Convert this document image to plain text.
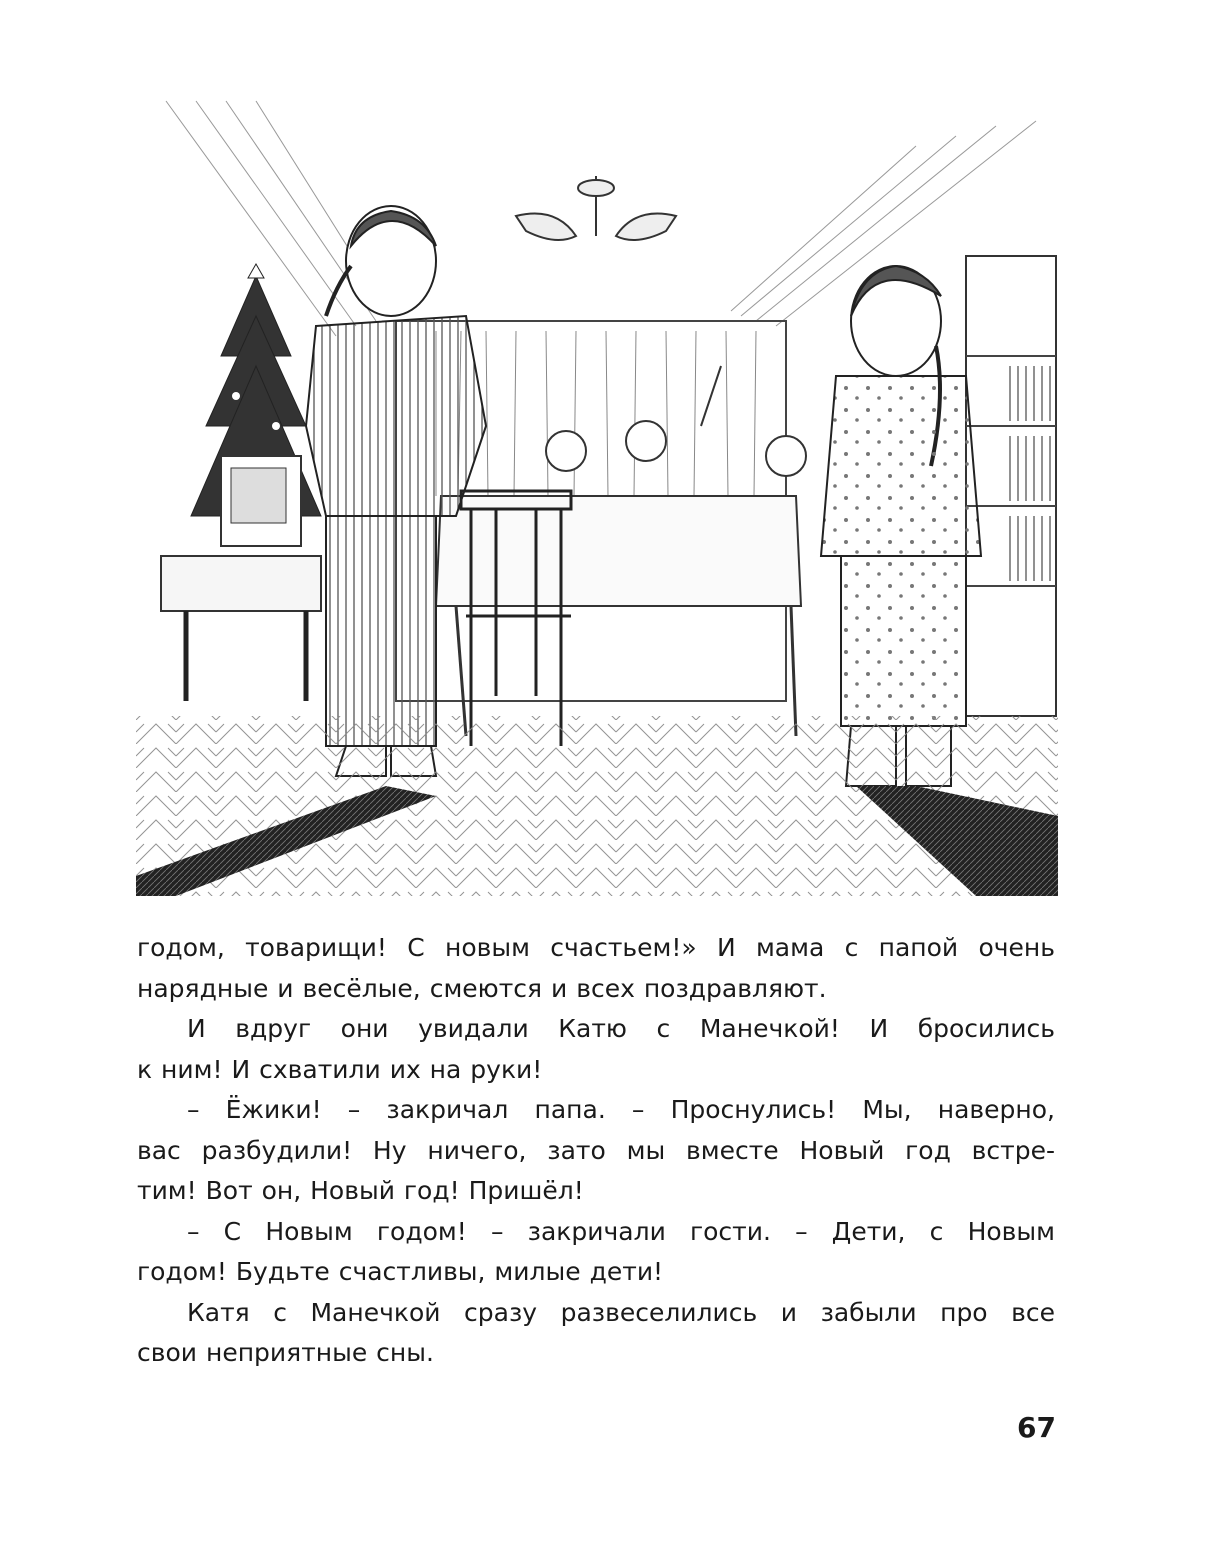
годом, товарищи! С новым счастьем!» И мама с папой очень
нарядные и весёлые, смеются и всех поздравляют.
И вдруг они увидали Катю с Манечкой! И бросились
к ним! И схватили их на руки!
– Ёжики! – закричал папа. – Проснулись! Мы, наверно,
вас разбудили! Ну ничего, зато мы вместе Новый год встре-
тим! Вот он, Новый год! Пришёл!
– С Новым годом! – закричали гости. – Дети, с Новым
годом! Будьте счастливы, милые дети!
Катя с Манечкой сразу развеселились и забыли про все
свои неприятные сны.
67
